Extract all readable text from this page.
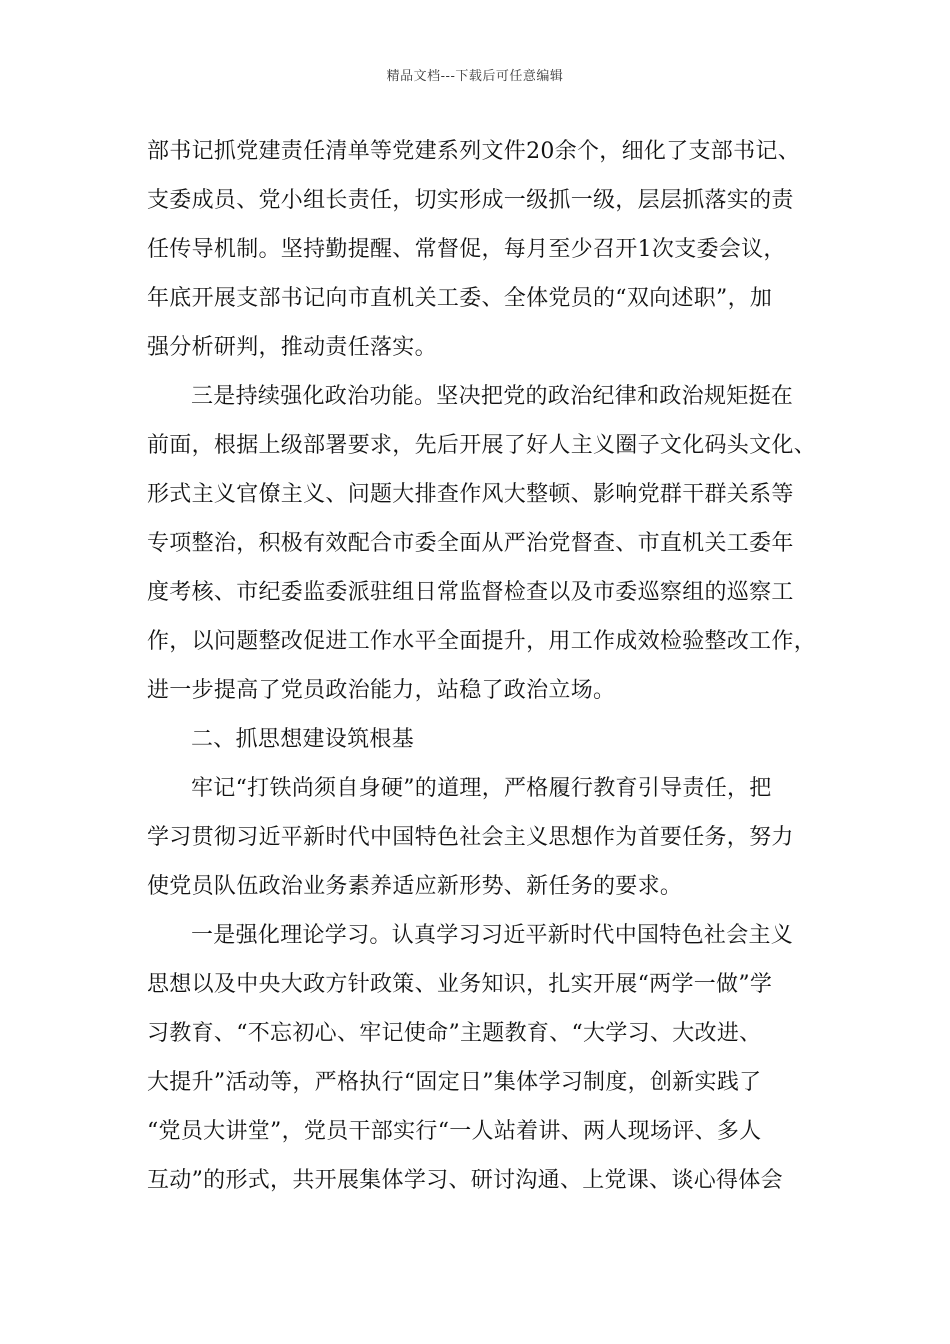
精品文档---下载后可任意编辑
部书记抓党建责任清单等党建系列文件20余个，细化了支部书记、
支委成员、党小组长责任，切实形成一级抓一级，层层抓落实的责
任传导机制。坚持勤提醒、常督促，每月至少召开1次支委会议，
年底开展支部书记向市直机关工委、全体党员的“双向述职”，加
强分析研判，推动责任落实。
三是持续强化政治功能。坚决把党的政治纪律和政治规矩挺在
前面，根据上级部署要求，先后开展了好人主义圈子文化码头文化、
形式主义官僚主义、问题大排查作风大整顿、影响党群干群关系等
专项整治，积极有效配合市委全面从严治党督查、市直机关工委年
度考核、市纪委监委派驻组日常监督检查以及市委巡察组的巡察工
作，以问题整改促进工作水平全面提升，用工作成效检验整改工作，
进一步提高了党员政治能力，站稳了政治立场。
二、抓思想建设筑根基
牢记“打铁尚须自身硬”的道理，严格履行教育引导责任，把
学习贯彻习近平新时代中国特色社会主义思想作为首要任务，努力
使党员队伍政治业务素养适应新形势、新任务的要求。
一是强化理论学习。认真学习习近平新时代中国特色社会主义
思想以及中央大政方针政策、业务知识，扎实开展“两学一做”学
习教育、“不忘初心、牢记使命”主题教育、“大学习、大改进、
大提升”活动等，严格执行“固定日”集体学习制度，创新实践了
“党员大讲堂”，党员干部实行“一人站着讲、两人现场评、多人
互动”的形式，共开展集体学习、研讨沟通、上党课、谈心得体会
